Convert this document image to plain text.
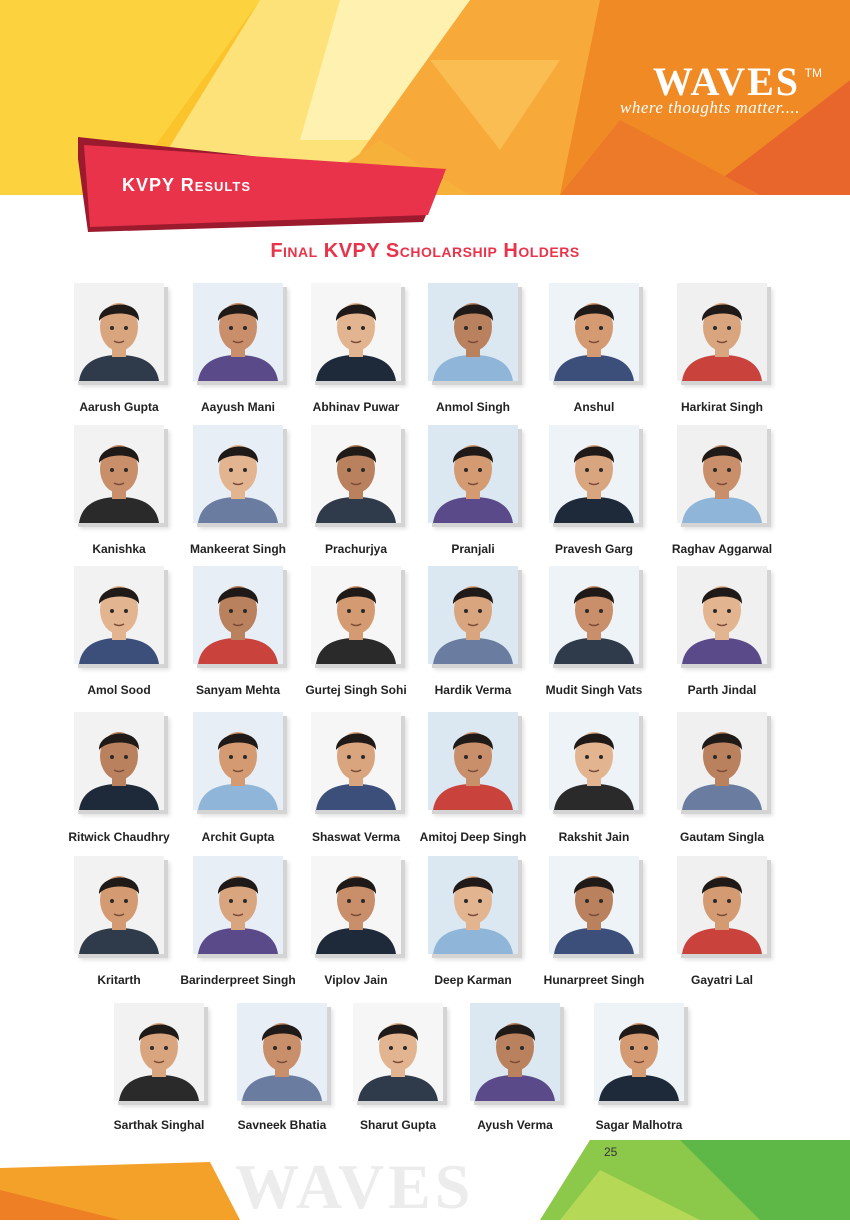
WAVES TM
where thoughts matter....
KVPY Results
Final KVPY Scholarship Holders
Aarush Gupta	Aayush Mani	Abhinav Puwar	Anmol Singh	Anshul	Harkirat Singh
Kanishka	Mankeerat Singh	Prachurjya	Pranjali	Pravesh Garg	Raghav Aggarwal
Amol Sood	Sanyam Mehta	Gurtej Singh Sohi	Hardik Verma	Mudit Singh Vats	Parth Jindal
Ritwick Chaudhry	Archit Gupta	Shaswat Verma	Amitoj Deep Singh	Rakshit Jain	Gautam Singla
Kritarth	Barinderpreet Singh	Viplov Jain	Deep Karman	Hunarpreet Singh	Gayatri Lal
Sarthak Singhal	Savneek Bhatia	Sharut Gupta	Ayush Verma	Sagar Malhotra
WAVES	25
